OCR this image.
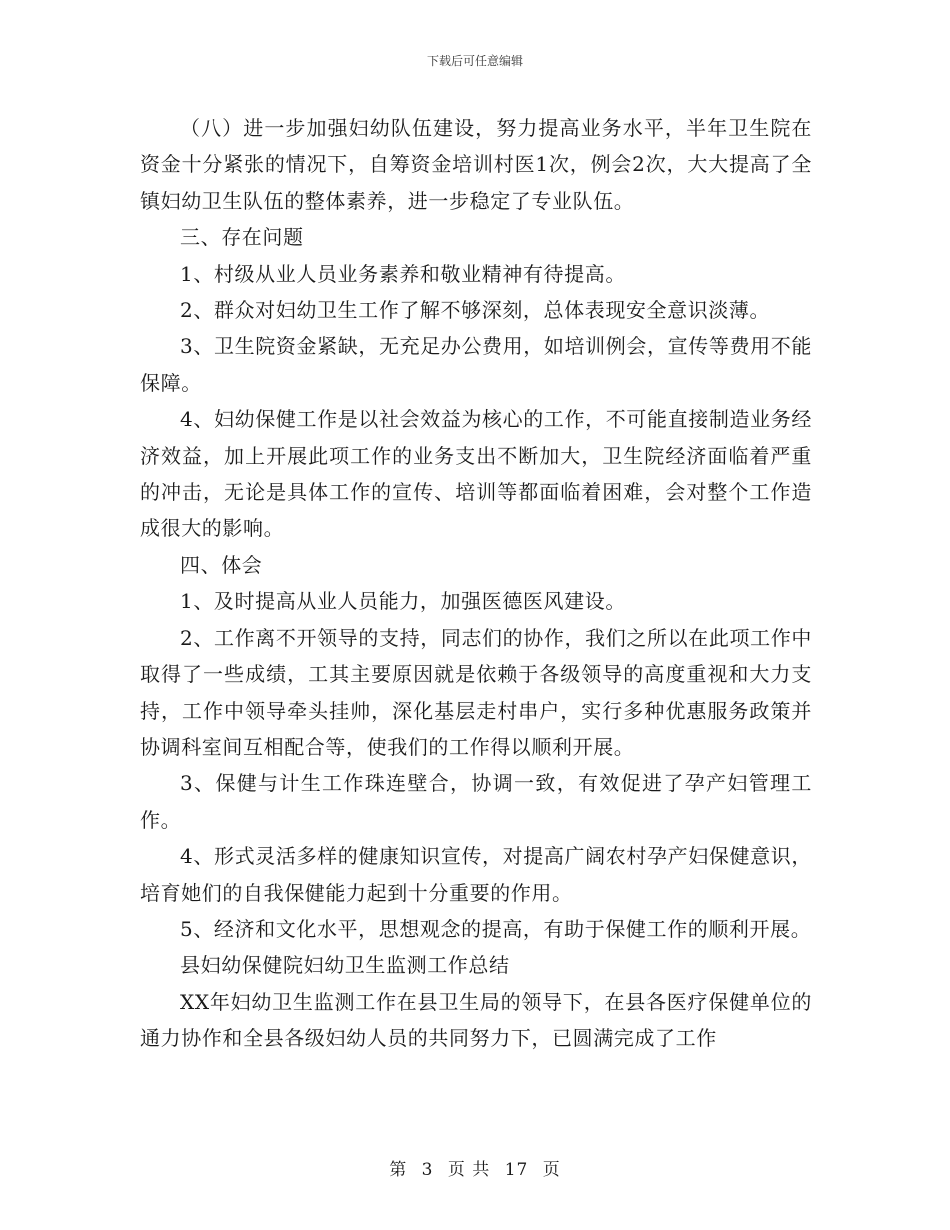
下载后可任意编辑

（八）进一步加强妇幼队伍建设，努力提高业务水平，半年卫生院在资金十分紧张的情况下，自筹资金培训村医1次，例会2次，大大提高了全镇妇幼卫生队伍的整体素养，进一步稳定了专业队伍。

三、存在问题

1、村级从业人员业务素养和敬业精神有待提高。

2、群众对妇幼卫生工作了解不够深刻，总体表现安全意识淡薄。

3、卫生院资金紧缺，无充足办公费用，如培训例会，宣传等费用不能保障。

4、妇幼保健工作是以社会效益为核心的工作，不可能直接制造业务经济效益，加上开展此项工作的业务支出不断加大，卫生院经济面临着严重的冲击，无论是具体工作的宣传、培训等都面临着困难，会对整个工作造成很大的影响。

四、体会

1、及时提高从业人员能力，加强医德医风建设。

2、工作离不开领导的支持，同志们的协作，我们之所以在此项工作中取得了一些成绩，工其主要原因就是依赖于各级领导的高度重视和大力支持，工作中领导牵头挂帅，深化基层走村串户，实行多种优惠服务政策并协调科室间互相配合等，使我们的工作得以顺利开展。

3、保健与计生工作珠连壁合，协调一致，有效促进了孕产妇管理工作。

4、形式灵活多样的健康知识宣传，对提高广阔农村孕产妇保健意识，培育她们的自我保健能力起到十分重要的作用。

5、经济和文化水平，思想观念的提高，有助于保健工作的顺利开展。

县妇幼保健院妇幼卫生监测工作总结

XX年妇幼卫生监测工作在县卫生局的领导下，在县各医疗保健单位的通力协作和全县各级妇幼人员的共同努力下，已圆满完成了工作

第 3 页 共 17 页
